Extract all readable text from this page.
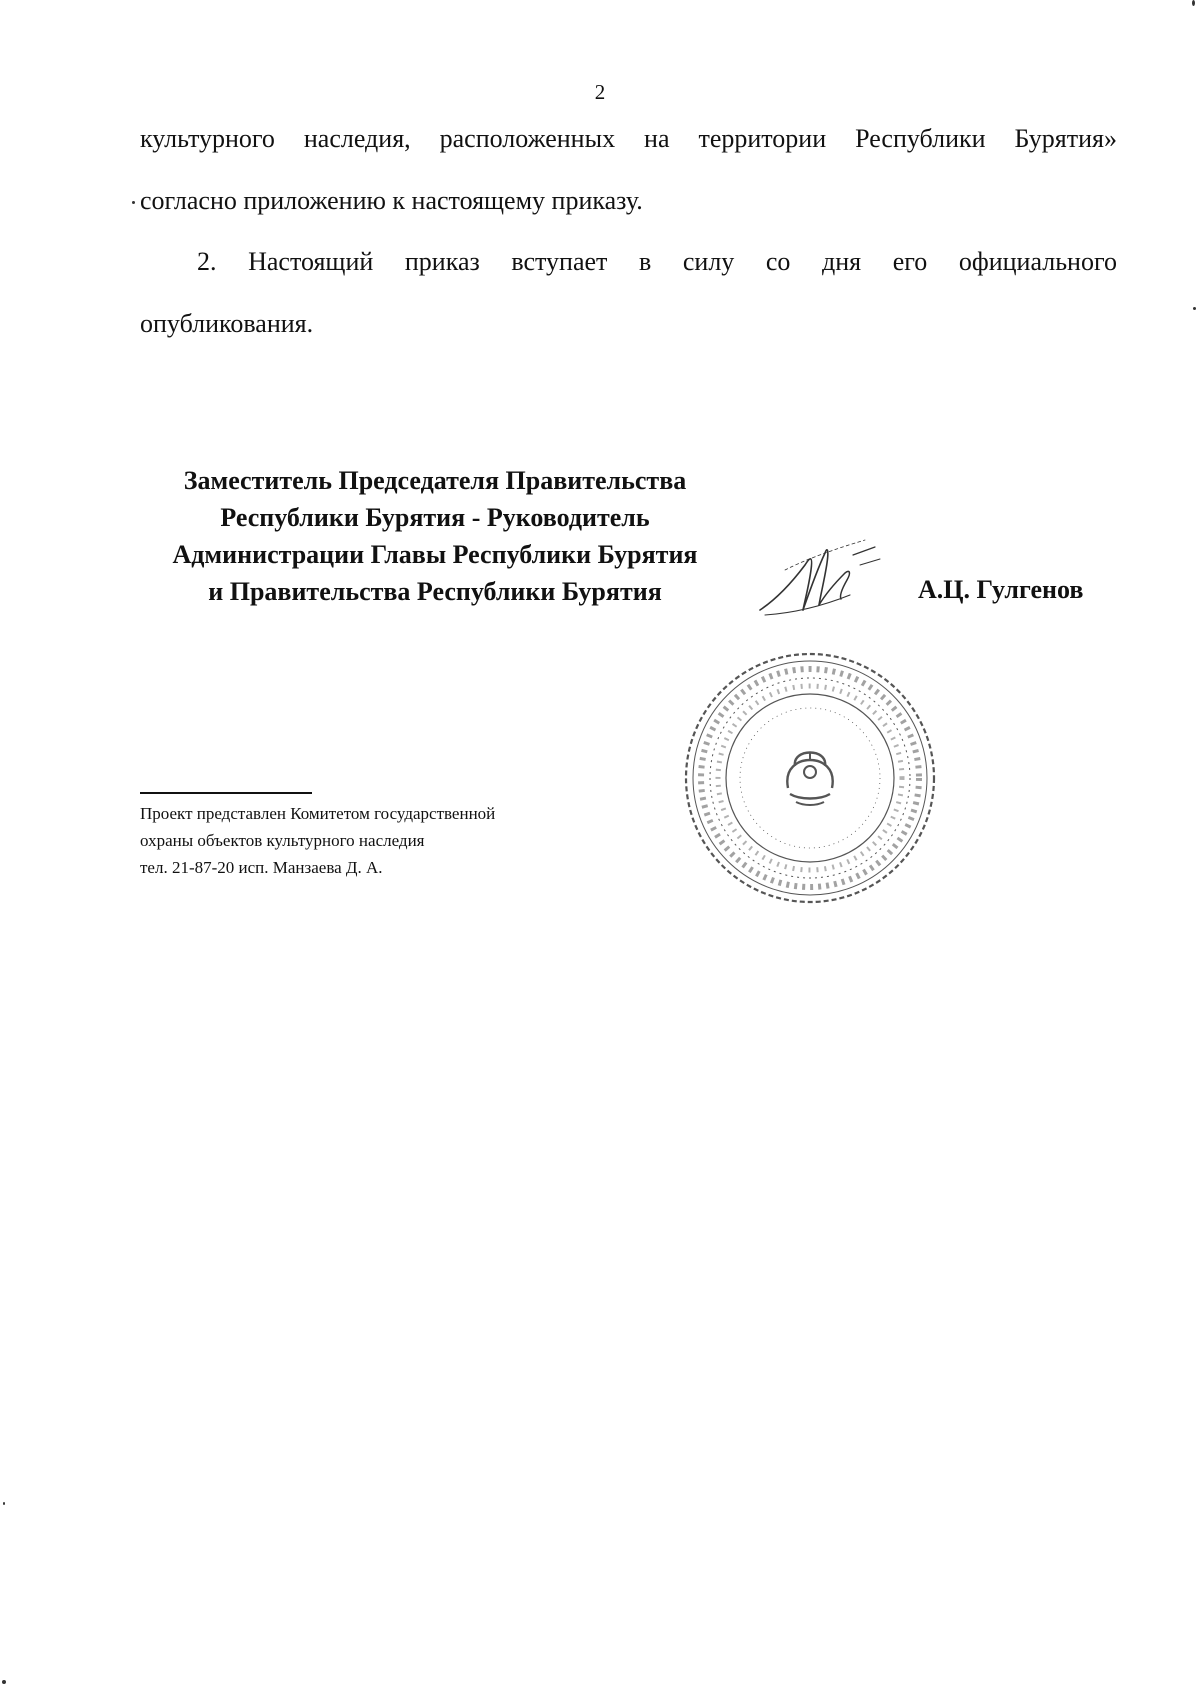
2
культурного наследия, расположенных на территории Республики Бурятия»
согласно приложению к настоящему приказу.
2. Настоящий приказ вступает в силу со дня его официального
опубликования.
Заместитель Председателя Правительства
Республики Бурятия - Руководитель
Администрации Главы Республики Бурятия
и Правительства Республики Бурятия	А.Ц. Гулгенов
Проект представлен Комитетом государственной
охраны объектов культурного наследия
тел. 21-87-20 исп. Манзаева Д. А.
